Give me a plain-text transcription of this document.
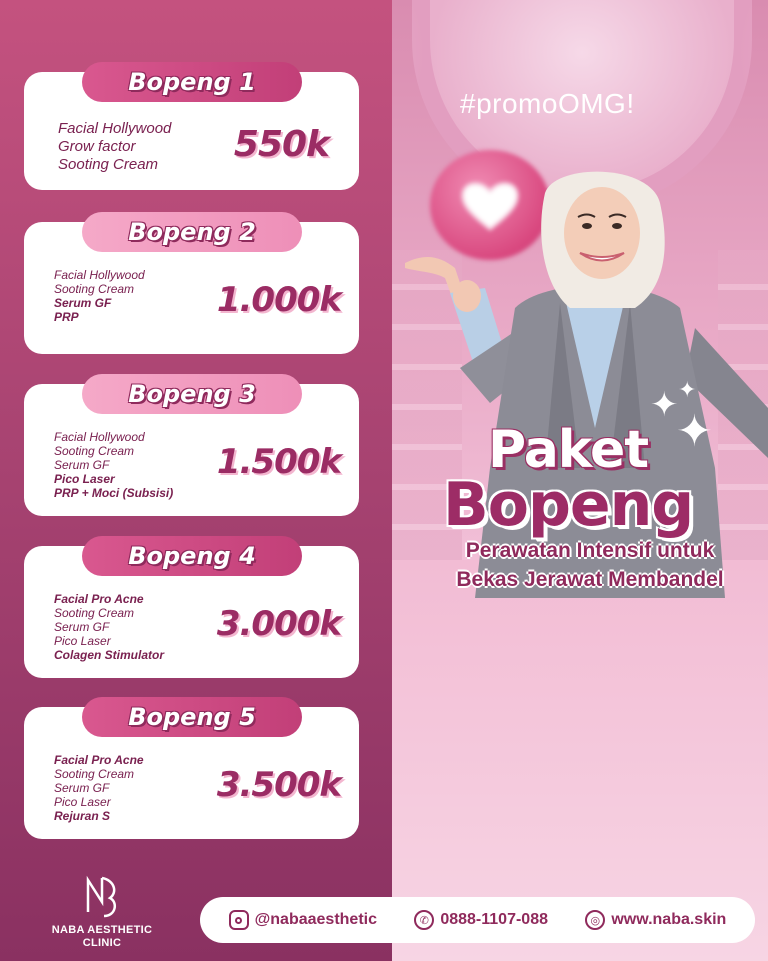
#promoOMG!
✦
✦
✦
Paket
Bopeng
Perawatan Intensif untuk
Bekas Jerawat Membandel
Bopeng 1
Facial Hollywood
Grow factor
Sooting Cream	550k
Bopeng 2
Facial Hollywood
Sooting Cream
Serum GF
PRP	1.000k
Bopeng 3
Facial Hollywood
Sooting Cream
Serum GF
Pico Laser
PRP + Moci (Subsisi)
1.500k
Bopeng 4
Facial Pro Acne
Sooting Cream
Serum GF
Pico Laser
Colagen Stimulator
3.000k
Bopeng 5
Facial Pro Acne
Sooting Cream
Serum GF
Pico Laser
Rejuran S
3.500k
NABA AESTHETIC
CLINIC
@nabaaesthetic	✆ 0888-1107-088	◎ www.naba.skin
